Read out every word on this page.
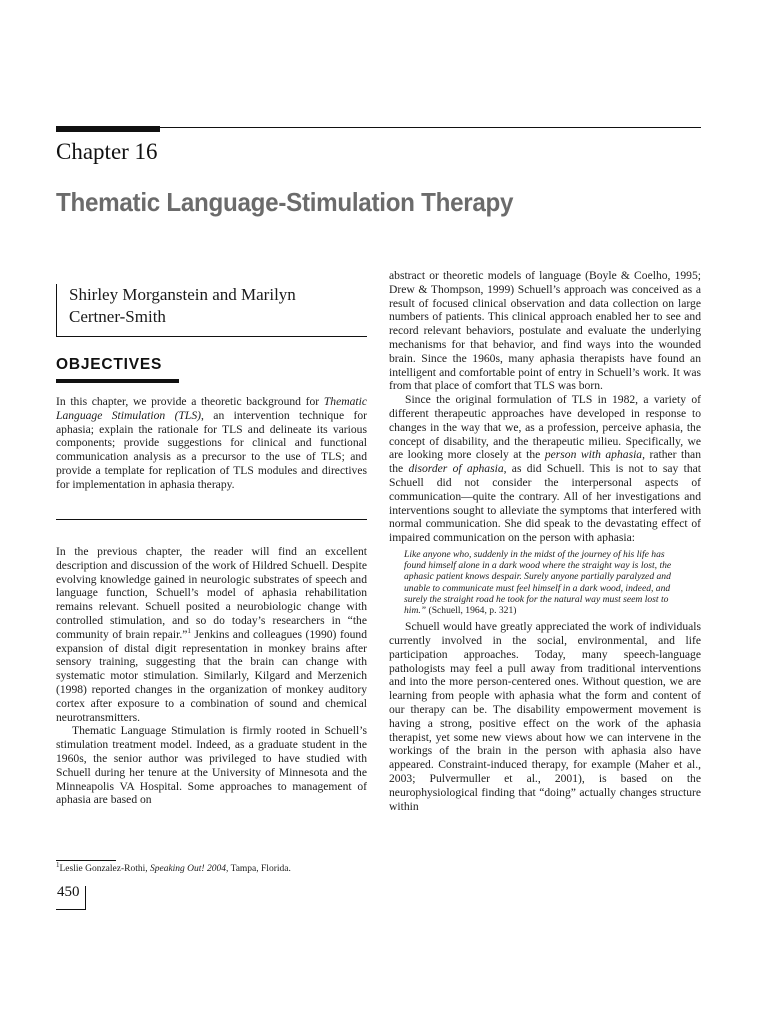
Chapter 16
Thematic Language-Stimulation Therapy
Shirley Morganstein and Marilyn
Certner-Smith
OBJECTIVES

In this chapter, we provide a theoretic background for Thematic Language Stimulation (TLS), an intervention technique for aphasia; explain the rationale for TLS and delineate its various components; provide suggestions for clinical and functional communication analysis as a precursor to the use of TLS; and provide a template for replication of TLS modules and directives for implementation in aphasia therapy.

In the previous chapter, the reader will find an excellent description and discussion of the work of Hildred Schuell. Despite evolving knowledge gained in neurologic substrates of speech and language function, Schuell’s model of aphasia rehabilitation remains relevant. Schuell posited a neurobiologic change with controlled stimulation, and so do today’s researchers in “the community of brain repair.”$^1$ Jenkins and colleagues (1990) found expansion of distal digit representation in monkey brains after sensory training, suggesting that the brain can change with systematic motor stimulation. Similarly, Kilgard and Merzenich (1998) reported changes in the organization of monkey auditory cortex after exposure to a combination of sound and chemical neurotransmitters.

Thematic Language Stimulation is firmly rooted in Schuell’s stimulation treatment model. Indeed, as a graduate student in the 1960s, the senior author was privileged to have studied with Schuell during her tenure at the University of Minnesota and the Minneapolis VA Hospital. Some approaches to management of aphasia are based on

$^1$Leslie Gonzalez-Rothi, Speaking Out! 2004, Tampa, Florida.
450

abstract or theoretic models of language (Boyle & Coelho, 1995; Drew & Thompson, 1999) Schuell’s approach was conceived as a result of focused clinical observation and data collection on large numbers of patients. This clinical approach enabled her to see and record relevant behaviors, postulate and evaluate the underlying mechanisms for that behavior, and find ways into the wounded brain. Since the 1960s, many aphasia therapists have found an intelligent and comfortable point of entry in Schuell’s work. It was from that place of comfort that TLS was born.

Since the original formulation of TLS in 1982, a variety of different therapeutic approaches have developed in response to changes in the way that we, as a profession, perceive aphasia, the concept of disability, and the therapeutic milieu. Specifically, we are looking more closely at the person with aphasia, rather than the disorder of aphasia, as did Schuell. This is not to say that Schuell did not consider the interpersonal aspects of communication—quite the contrary. All of her investigations and interventions sought to alleviate the symptoms that interfered with normal communication. She did speak to the devastating effect of impaired communication on the person with aphasia:

Like anyone who, suddenly in the midst of the journey of his life has found himself alone in a dark wood where the straight way is lost, the aphasic patient knows despair. Surely anyone partially paralyzed and unable to communicate must feel himself in a dark wood, indeed, and surely the straight road he took for the natural way must seem lost to him.” (Schuell, 1964, p. 321)

Schuell would have greatly appreciated the work of individuals currently involved in the social, environmental, and life participation approaches. Today, many speech-language pathologists may feel a pull away from traditional interventions and into the more person-centered ones. Without question, we are learning from people with aphasia what the form and content of our therapy can be. The disability empowerment movement is having a strong, positive effect on the work of the aphasia therapist, yet some new views about how we can intervene in the workings of the brain in the person with aphasia also have appeared. Constraint-induced therapy, for example (Maher et al., 2003; Pulvermuller et al., 2001), is based on the neurophysiological finding that “doing” actually changes structure within
